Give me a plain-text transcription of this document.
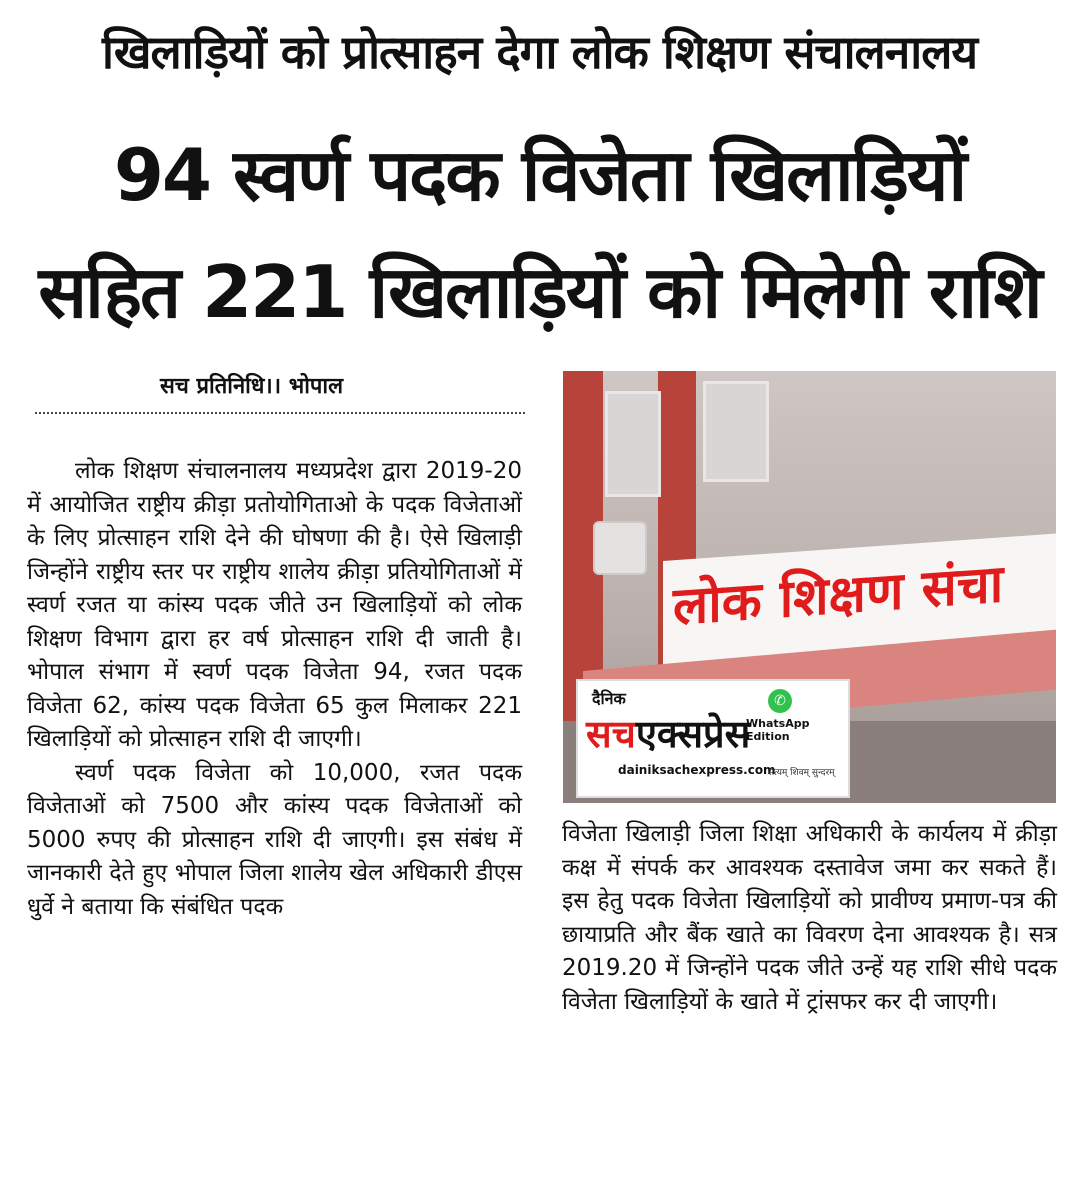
खिलाड़ियों को प्रोत्साहन देगा लोक शिक्षण संचालनालय
94 स्वर्ण पदक विजेता खिलाड़ियों
सहित 221 खिलाड़ियों को मिलेगी राशि
सच प्रतिनिधि।। भोपाल

लोक शिक्षण संचालनालय मध्यप्रदेश द्वारा 2019-20 में आयोजित राष्ट्रीय क्रीड़ा प्रतोयोगिताओ के पदक विजेताओं के लिए प्रोत्साहन राशि देने की घोषणा की है। ऐसे खिलाड़ी जिन्होंने राष्ट्रीय स्तर पर राष्ट्रीय शालेय क्रीड़ा प्रतियोगिताओं में स्वर्ण रजत या कांस्य पदक जीते उन खिलाड़ियों को लोक शिक्षण विभाग द्वारा हर वर्ष प्रोत्साहन राशि दी जाती है। भोपाल संभाग में स्वर्ण पदक विजेता 94, रजत पदक विजेता 62, कांस्य पदक विजेता 65 कुल मिलाकर 221 खिलाड़ियों को प्रोत्साहन राशि दी जाएगी।

स्वर्ण पदक विजेता को 10,000, रजत पदक विजेताओं को 7500 और कांस्य पदक विजेताओं को 5000 रुपए की प्रोत्साहन राशि दी जाएगी। इस संबंध में जानकारी देते हुए भोपाल जिला शालेय खेल अधिकारी डीएस धुर्वे ने बताया कि संबंधित पदक

लोक शिक्षण संचा
दैनिक	✆
WhatsApp Edition
सचएक्सप्रेस
dainiksachexpress.com
सत्यम् शिवम् सुन्दरम्

विजेता खिलाड़ी जिला शिक्षा अधिकारी के कार्यलय में क्रीड़ा कक्ष में संपर्क कर आवश्यक दस्तावेज जमा कर सकते हैं। इस हेतु पदक विजेता खिलाड़ियों को प्रावीण्य प्रमाण-पत्र की छायाप्रति और बैंक खाते का विवरण देना आवश्यक है। सत्र 2019.20 में जिन्होंने पदक जीते उन्हें यह राशि सीधे पदक विजेता खिलाड़ियों के खाते में ट्रांसफर कर दी जाएगी।
